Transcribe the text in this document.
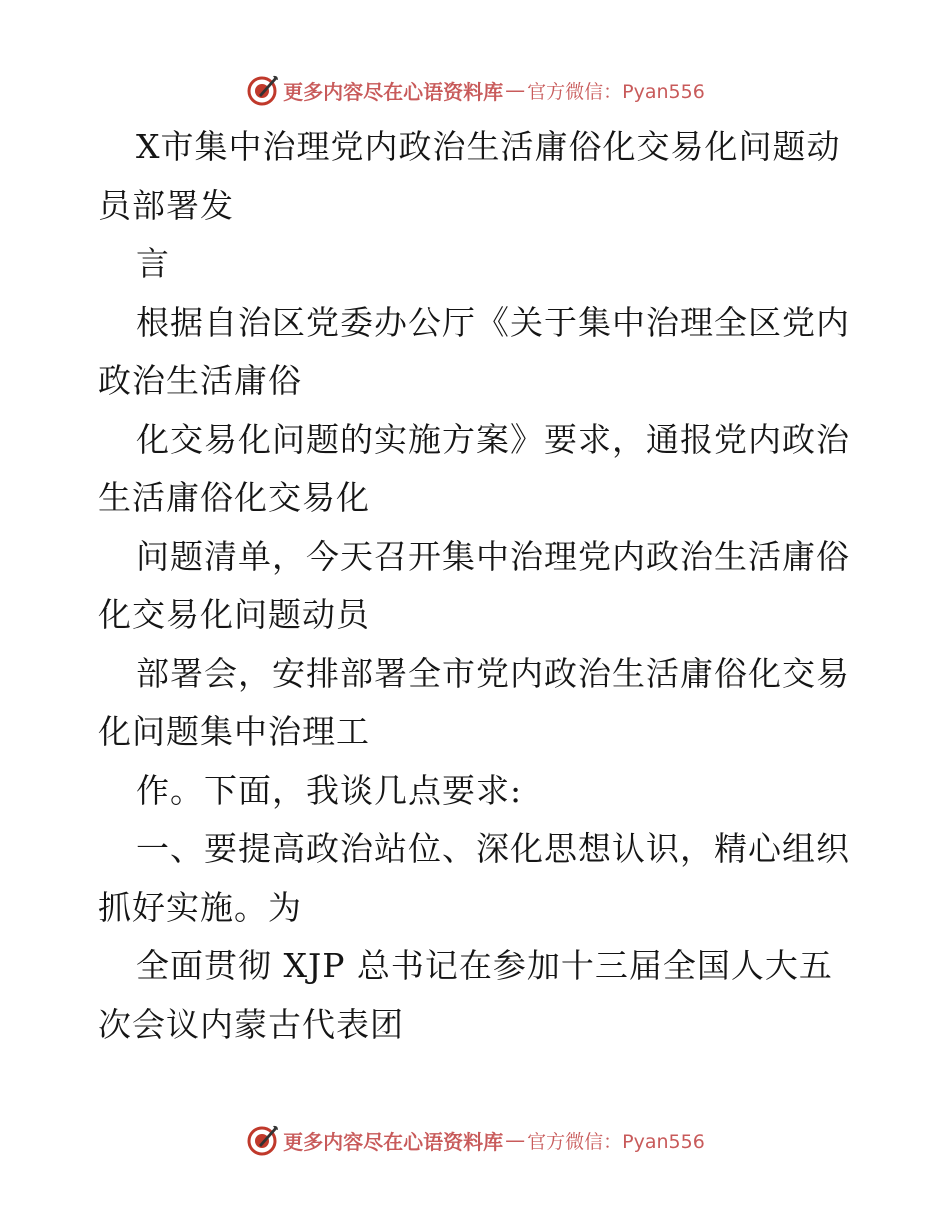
更多内容尽在心语资料库 — 官方微信：Pyan556
X市集中治理党内政治生活庸俗化交易化问题动
员部署发
言
根据自治区党委办公厅《关于集中治理全区党内
政治生活庸俗
化交易化问题的实施方案》要求，通报党内政治
生活庸俗化交易化
问题清单，今天召开集中治理党内政治生活庸俗
化交易化问题动员
部署会，安排部署全市党内政治生活庸俗化交易
化问题集中治理工
作。下面，我谈几点要求:
一、要提高政治站位、深化思想认识，精心组织
抓好实施。为
全面贯彻 XJP 总书记在参加十三届全国人大五
次会议内蒙古代表团
更多内容尽在心语资料库 — 官方微信：Pyan556
